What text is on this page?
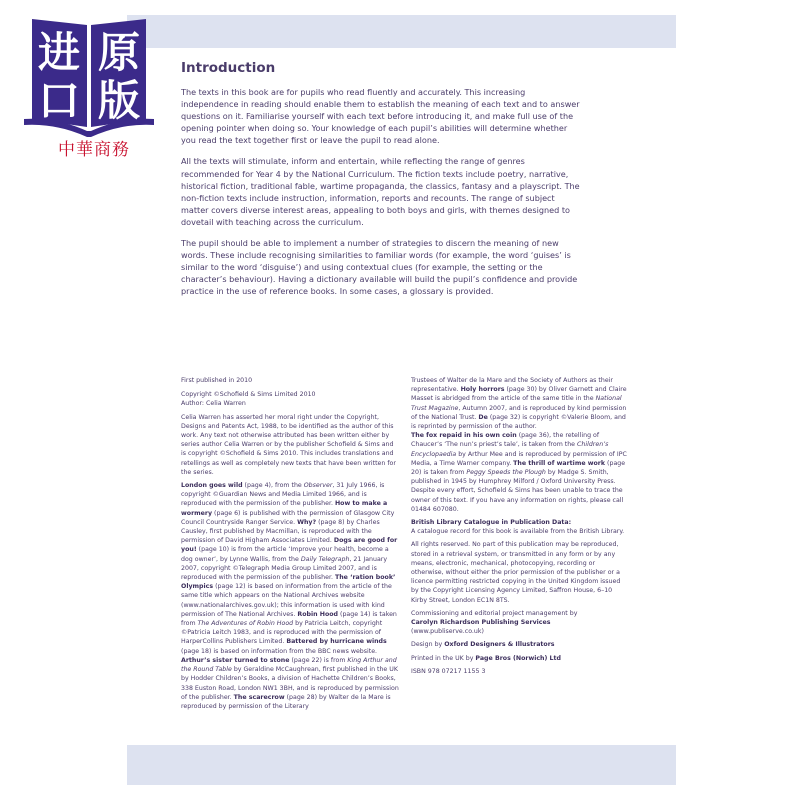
进 原
口 版
中華商務
Introduction

The texts in this book are for pupils who read fluently and accurately. This increasing independence in reading should enable them to establish the meaning of each text and to answer questions on it. Familiarise yourself with each text before introducing it, and make full use of the opening pointer when doing so. Your knowledge of each pupil’s abilities will determine whether you read the text together first or leave the pupil to read alone.

All the texts will stimulate, inform and entertain, while reflecting the range of genres recommended for Year 4 by the National Curriculum. The fiction texts include poetry, narrative, historical fiction, traditional fable, wartime propaganda, the classics, fantasy and a playscript. The non-fiction texts include instruction, information, reports and recounts. The range of subject matter covers diverse interest areas, appealing to both boys and girls, with themes designed to dovetail with teaching across the curriculum.

The pupil should be able to implement a number of strategies to discern the meaning of new words. These include recognising similarities to familiar words (for example, the word ‘guises’ is similar to the word ‘disguise’) and using contextual clues (for example, the setting or the character’s behaviour). Having a dictionary available will build the pupil’s confidence and provide practice in the use of reference books. In some cases, a glossary is provided.

First published in 2010

Copyright ©Schofield & Sims Limited 2010

Author: Celia Warren

Celia Warren has asserted her moral right under the Copyright, Designs and Patents Act, 1988, to be identified as the author of this work. Any text not otherwise attributed has been written either by series author Celia Warren or by the publisher Schofield & Sims and is copyright ©Schofield & Sims 2010. This includes translations and retellings as well as completely new texts that have been written for the series.

London goes wild (page 4), from the Observer, 31 July 1966, is copyright ©Guardian News and Media Limited 1966, and is reproduced with the permission of the publisher. How to make a wormery (page 6) is published with the permission of Glasgow City Council Countryside Ranger Service. Why? (page 8) by Charles Causley, first published by Macmillan, is reproduced with the permission of David Higham Associates Limited. Dogs are good for you! (page 10) is from the article ‘Improve your health, become a dog owner’, by Lynne Wallis, from the Daily Telegraph, 21 January 2007, copyright ©Telegraph Media Group Limited 2007, and is reproduced with the permission of the publisher. The ‘ration book’ Olympics (page 12) is based on information from the article of the same title which appears on the National Archives website (www.nationalarchives.gov.uk); this information is used with kind permission of The National Archives. Robin Hood (page 14) is taken from The Adventures of Robin Hood by Patricia Leitch, copyright ©Patricia Leitch 1983, and is reproduced with the permission of HarperCollins Publishers Limited. Battered by hurricane winds (page 18) is based on information from the BBC news website. Arthur’s sister turned to stone (page 22) is from King Arthur and the Round Table by Geraldine McCaughrean, first published in the UK by Hodder Children’s Books, a division of Hachette Children’s Books, 338 Euston Road, London NW1 3BH, and is reproduced by permission of the publisher. The scarecrow (page 28) by Walter de la Mare is reproduced by permission of the Literary

Trustees of Walter de la Mare and the Society of Authors as their representative. Holy horrors (page 30) by Oliver Garnett and Claire Masset is abridged from the article of the same title in the National Trust Magazine, Autumn 2007, and is reproduced by kind permission of the National Trust. De (page 32) is copyright ©Valerie Bloom, and is reprinted by permission of the author.
The fox repaid in his own coin (page 36), the retelling of Chaucer’s ‘The nun’s priest’s tale’, is taken from the Children’s Encyclopaedia by Arthur Mee and is reproduced by permission of IPC Media, a Time Warner company. The thrill of wartime work (page 20) is taken from Peggy Speeds the Plough by Madge S. Smith, published in 1945 by Humphrey Milford / Oxford University Press. Despite every effort, Schofield & Sims has been unable to trace the owner of this text. If you have any information on rights, please call 01484 607080.

British Library Catalogue in Publication Data:

A catalogue record for this book is available from the British Library.

All rights reserved. No part of this publication may be reproduced, stored in a retrieval system, or transmitted in any form or by any means, electronic, mechanical, photocopying, recording or otherwise, without either the prior permission of the publisher or a licence permitting restricted copying in the United Kingdom issued by the Copyright Licensing Agency Limited, Saffron House, 6–10 Kirby Street, London EC1N 8TS.

Commissioning and editorial project management by
Carolyn Richardson Publishing Services

(www.publiserve.co.uk)

Design by Oxford Designers & Illustrators

Printed in the UK by Page Bros (Norwich) Ltd

ISBN 978 07217 1155 3
